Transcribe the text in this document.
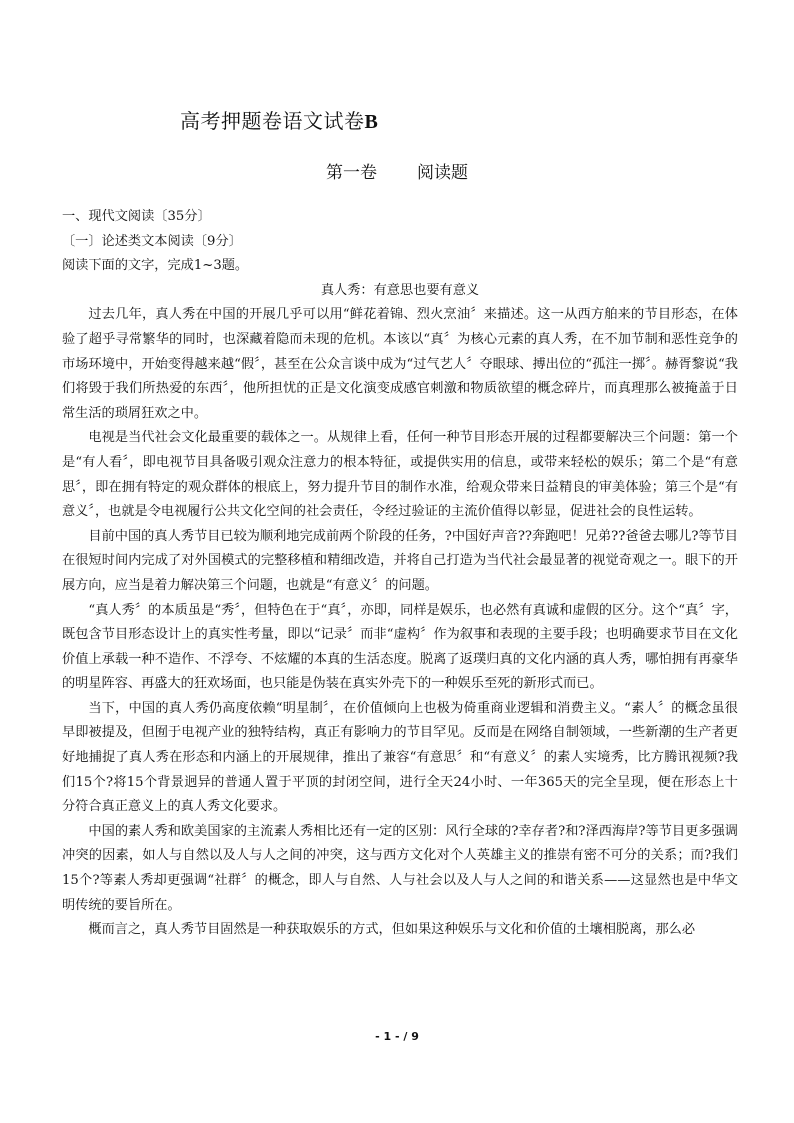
高考押题卷语文试卷B
第一卷 阅读题

一、现代文阅读〔35分〕

〔一〕论述类文本阅读〔9分〕

阅读下面的文字，完成1~3题。

真人秀：有意思也要有意义

过去几年，真人秀在中国的开展几乎可以用“鲜花着锦、烈火烹油〞来描述。这一从西方舶来的节目形态，在体验了超乎寻常繁华的同时，也深藏着隐而未现的危机。本该以“真〞为核心元素的真人秀，在不加节制和恶性竞争的市场环境中，开始变得越来越“假〞，甚至在公众言谈中成为“过气艺人〞夺眼球、搏出位的“孤注一掷〞。赫胥黎说“我们将毁于我们所热爱的东西〞，他所担忧的正是文化演变成感官刺激和物质欲望的概念碎片，而真理那么被掩盖于日常生活的琐屑狂欢之中。

电视是当代社会文化最重要的载体之一。从规律上看，任何一种节目形态开展的过程都要解决三个问题：第一个是“有人看〞，即电视节目具备吸引观众注意力的根本特征，或提供实用的信息，或带来轻松的娱乐；第二个是“有意思〞，即在拥有特定的观众群体的根底上，努力提升节目的制作水准，给观众带来日益精良的审美体验；第三个是“有意义〞，也就是令电视履行公共文化空间的社会责任，令经过验证的主流价值得以彰显，促进社会的良性运转。

目前中国的真人秀节目已较为顺利地完成前两个阶段的任务，?中国好声音??奔跑吧！兄弟??爸爸去哪儿?等节目在很短时间内完成了对外国模式的完整移植和精细改造，并将自己打造为当代社会最显著的视觉奇观之一。眼下的开展方向，应当是着力解决第三个问题，也就是“有意义〞的问题。

“真人秀〞的本质虽是“秀〞，但特色在于“真〞，亦即，同样是娱乐，也必然有真诚和虚假的区分。这个“真〞字，既包含节目形态设计上的真实性考量，即以“记录〞而非“虚构〞作为叙事和表现的主要手段；也明确要求节目在文化价值上承载一种不造作、不浮夸、不炫耀的本真的生活态度。脱离了返璞归真的文化内涵的真人秀，哪怕拥有再豪华的明星阵容、再盛大的狂欢场面，也只能是伪装在真实外壳下的一种娱乐至死的新形式而已。

当下，中国的真人秀仍高度依赖“明星制〞，在价值倾向上也极为倚重商业逻辑和消费主义。“素人〞的概念虽很早即被提及，但囿于电视产业的独特结构，真正有影响力的节目罕见。反而是在网络自制领域，一些新潮的生产者更好地捕捉了真人秀在形态和内涵上的开展规律，推出了兼容“有意思〞和“有意义〞的素人实境秀，比方腾讯视频?我们15个?将15个背景迥异的普通人置于平顶的封闭空间，进行全天24小时、一年365天的完全呈现，便在形态上十分符合真正意义上的真人秀文化要求。

中国的素人秀和欧美国家的主流素人秀相比还有一定的区别：风行全球的?幸存者?和?泽西海岸?等节目更多强调冲突的因素，如人与自然以及人与人之间的冲突，这与西方文化对个人英雄主义的推崇有密不可分的关系；而?我们15个?等素人秀却更强调“社群〞的概念，即人与自然、人与社会以及人与人之间的和谐关系——这显然也是中华文明传统的要旨所在。

概而言之，真人秀节目固然是一种获取娱乐的方式，但如果这种娱乐与文化和价值的土壤相脱离，那么必

- 1 - / 9
